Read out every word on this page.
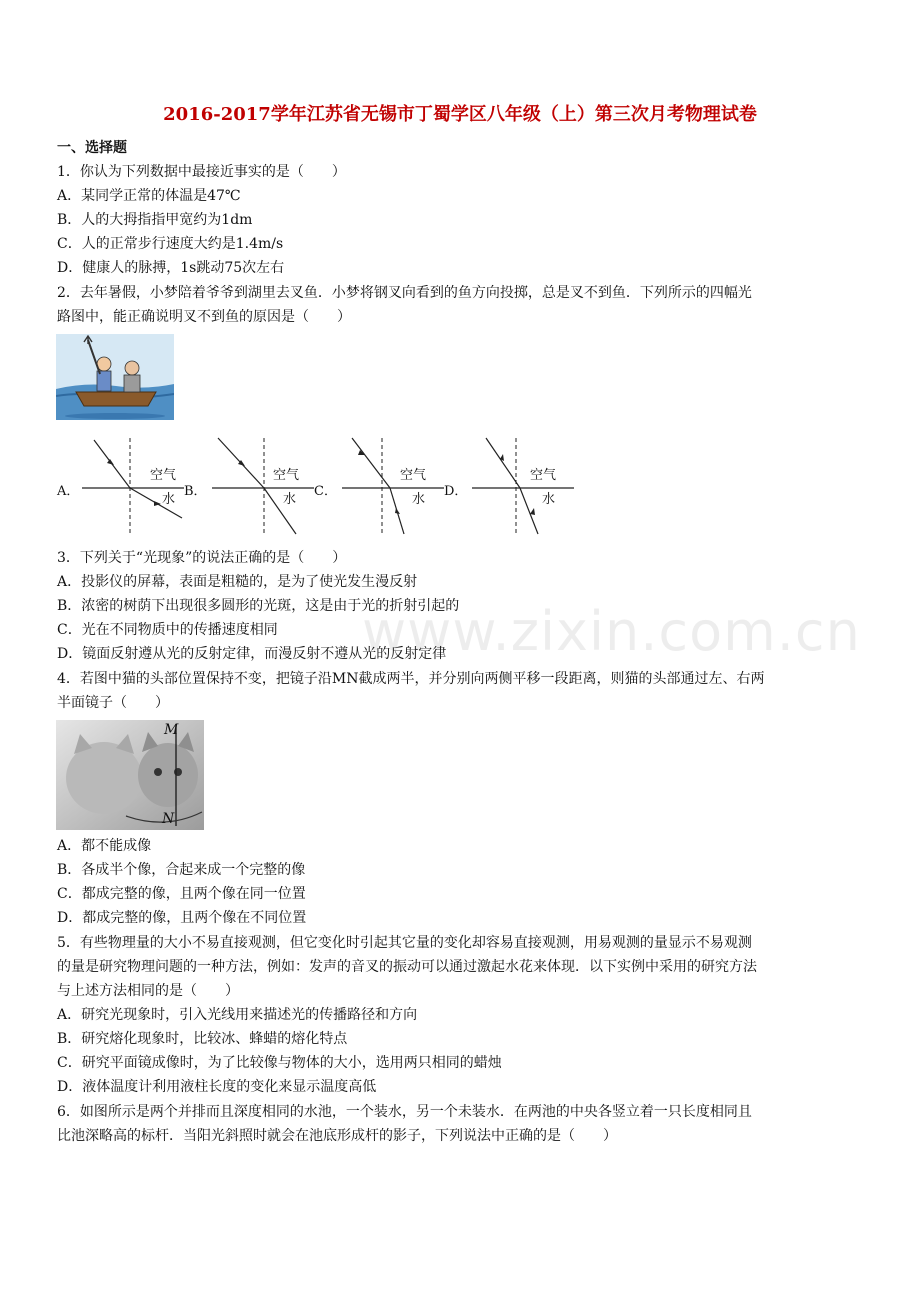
2016-2017学年江苏省无锡市丁蜀学区八年级（上）第三次月考物理试卷
www.zixin.com.cn
一、选择题
1．你认为下列数据中最接近事实的是（　　）
A．某同学正常的体温是47℃
B．人的大拇指指甲宽约为1dm
C．人的正常步行速度大约是1.4m/s
D．健康人的脉搏，1s跳动75次左右
2．去年暑假，小梦陪着爷爷到湖里去叉鱼．小梦将钢叉向看到的鱼方向投掷，总是叉不到鱼．下列所示的四幅光
路图中，能正确说明叉不到鱼的原因是（　　）
A．
空气
水
B．
空气
水
C．
空气
水
D．
空气
水
3．下列关于“光现象”的说法正确的是（　　）
A．投影仪的屏幕，表面是粗糙的，是为了使光发生漫反射
B．浓密的树荫下出现很多圆形的光斑，这是由于光的折射引起的
C．光在不同物质中的传播速度相同
D．镜面反射遵从光的反射定律，而漫反射不遵从光的反射定律
4．若图中猫的头部位置保持不变，把镜子沿MN截成两半，并分别向两侧平移一段距离，则猫的头部通过左、右两
半面镜子（　　）
M
N
A．都不能成像
B．各成半个像，合起来成一个完整的像
C．都成完整的像，且两个像在同一位置
D．都成完整的像，且两个像在不同位置
5．有些物理量的大小不易直接观测，但它变化时引起其它量的变化却容易直接观测，用易观测的量显示不易观测
的量是研究物理问题的一种方法，例如：发声的音叉的振动可以通过激起水花来体现．以下实例中采用的研究方法
与上述方法相同的是（　　）
A．研究光现象时，引入光线用来描述光的传播路径和方向
B．研究熔化现象时，比较冰、蜂蜡的熔化特点
C．研究平面镜成像时，为了比较像与物体的大小，选用两只相同的蜡烛
D．液体温度计利用液柱长度的变化来显示温度高低
6．如图所示是两个并排而且深度相同的水池，一个装水，另一个未装水．在两池的中央各竖立着一只长度相同且
比池深略高的标杆．当阳光斜照时就会在池底形成杆的影子，下列说法中正确的是（　　）
